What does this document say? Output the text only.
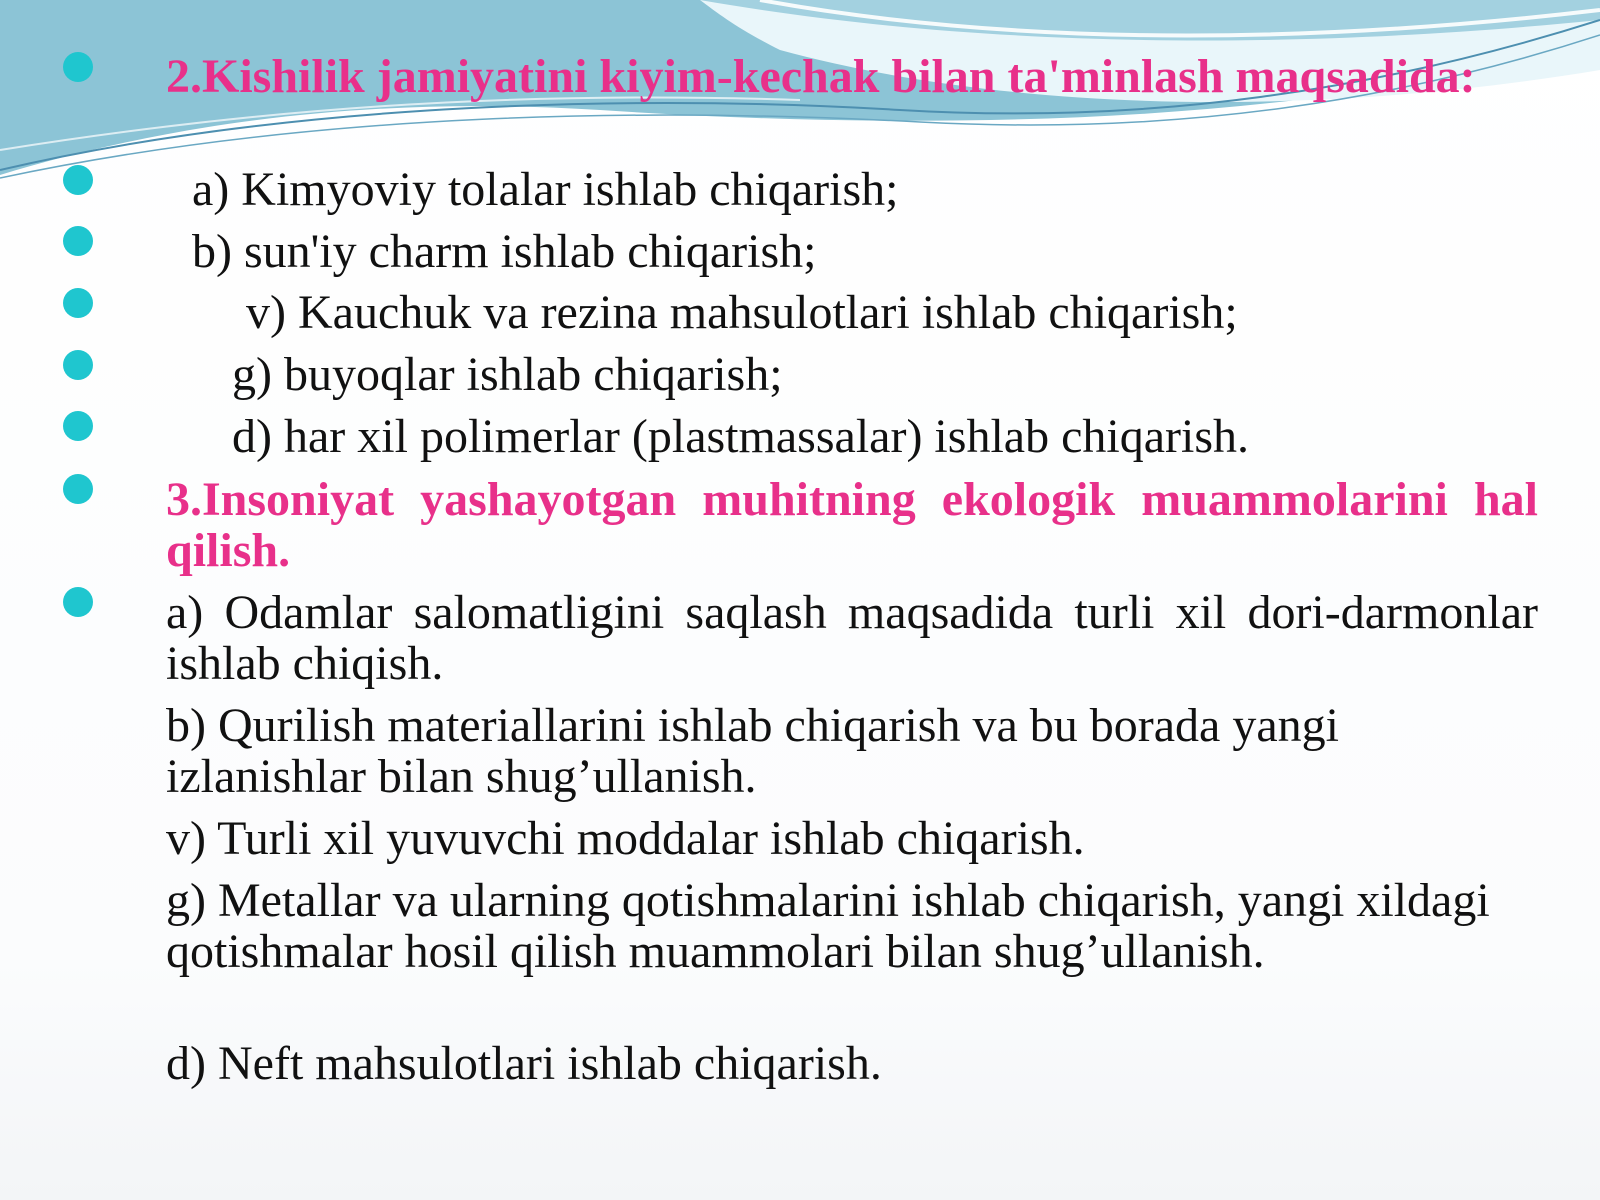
2.Kishilik jamiyatini kiyim-kechak bilan ta'minlash maqsadida:

a) Kimyoviy tolalar ishlab chiqarish;

b) sun'iy charm ishlab chiqarish;

v) Kauchuk va rezina mahsulotlari ishlab chiqarish;

g) buyoqlar ishlab chiqarish;

d) har xil polimerlar (plastmassalar) ishlab chiqarish.

3.Insoniyat yashayotgan muhitning ekologik muammolarini hal qilish.

a) Odamlar salomatligini saqlash maqsadida turli xil dori-darmonlar ishlab chiqish.

b) Qurilish materiallarini ishlab chiqarish va bu borada yangi izlanishlar bilan shug’ullanish.

v) Turli xil yuvuvchi moddalar ishlab chiqarish.

g) Metallar va ularning qotishmalarini ishlab chiqarish, yangi xildagi qotishmalar hosil qilish muammolari bilan shug’ullanish.

d) Neft mahsulotlari ishlab chiqarish.
